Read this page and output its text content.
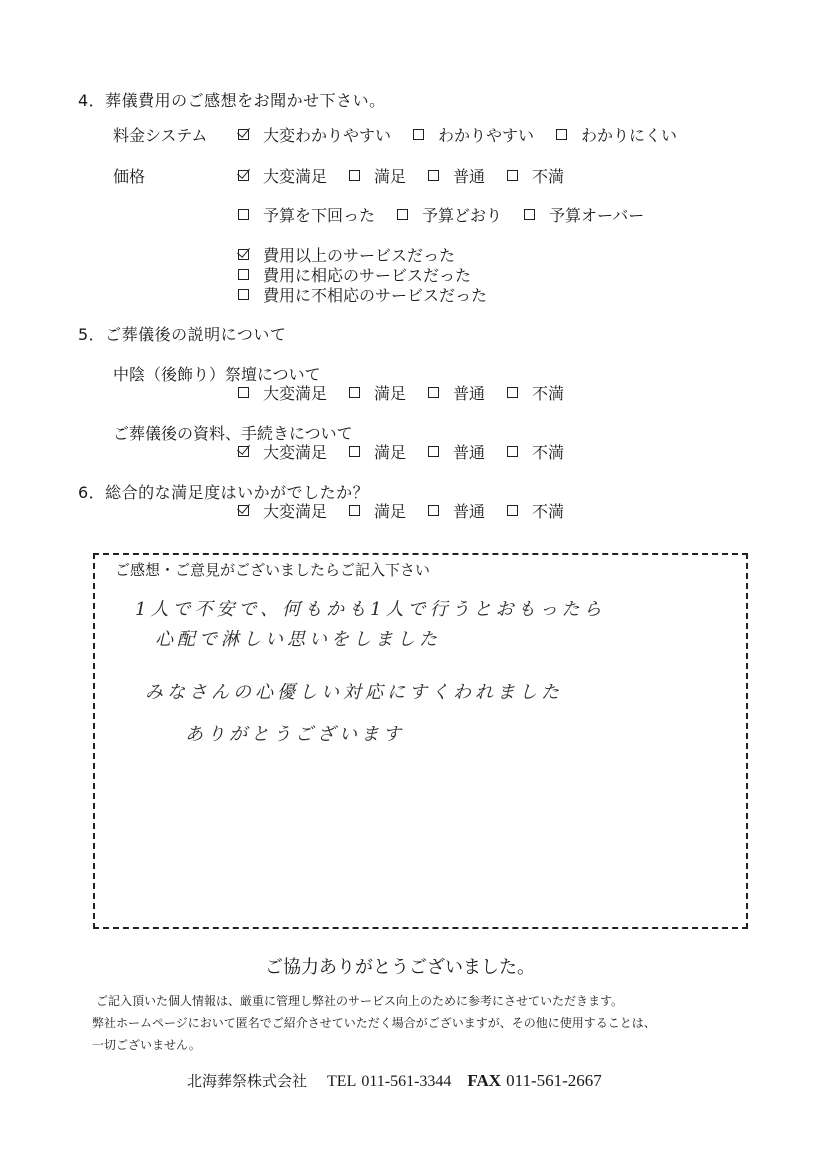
4．葬儀費用のご感想をお聞かせ下さい。
料金システム	大変わかりやすい	わかりやすい	わかりにくい
価格	大変満足	満足	普通	不満
予算を下回った	予算どおり	予算オーバー
費用以上のサービスだった
費用に相応のサービスだった
費用に不相応のサービスだった
5．ご葬儀後の説明について
中陰（後飾り）祭壇について
大変満足	満足	普通	不満
ご葬儀後の資料、手続きについて
大変満足	満足	普通	不満
6．総合的な満足度はいかがでしたか？
大変満足	満足	普通	不満
ご感想・ご意見がございましたらご記入下さい
1人で不安で、何もかも1人で行うとおもったら
心配で淋しい思いをしました
みなさんの心優しい対応にすくわれました
ありがとうございます
ご協力ありがとうございました。
ご記入頂いた個人情報は、厳重に管理し弊社のサービス向上のために参考にさせていただきます。
弊社ホームページにおいて匿名でご紹介させていただく場合がございますが、その他に使用することは、
一切ございません。
北海葬祭株式会社 TEL 011-561-3344 FAX 011-561-2667
